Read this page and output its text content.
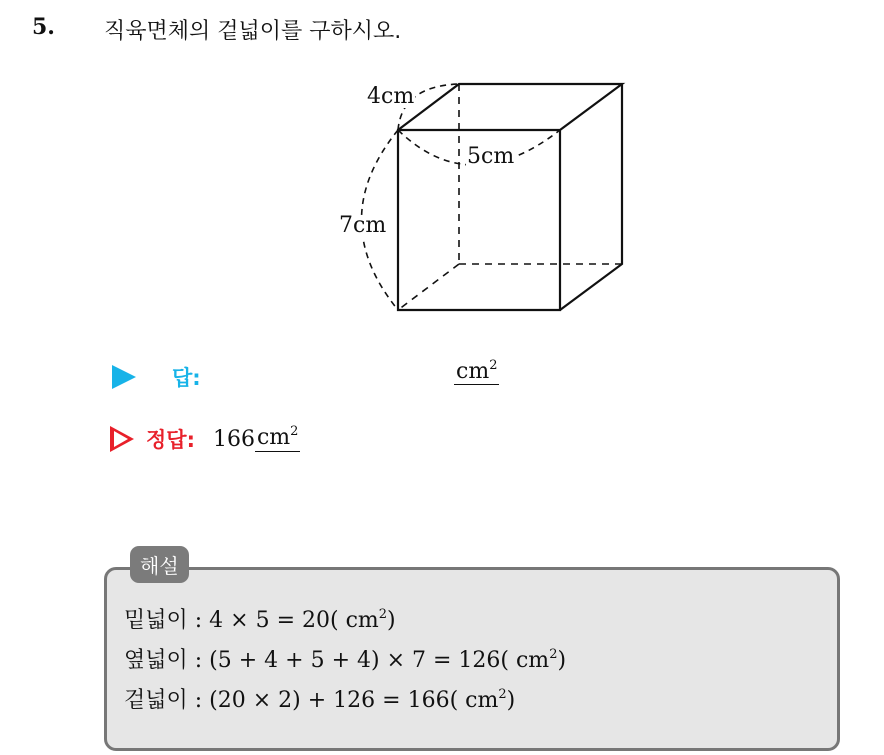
5. 직육면체의 겉넓이를 구하시오.
4cm
5cm
7cm
답:	$cm^2$
정답: 166 $cm^2$
해설
밑넓이 : 4 × 5 = 20( $cm^2$)
옆넓이 : (5 + 4 + 5 + 4) × 7 = 126( $cm^2$)
겉넓이 : (20 × 2) + 126 = 166( $cm^2$)
